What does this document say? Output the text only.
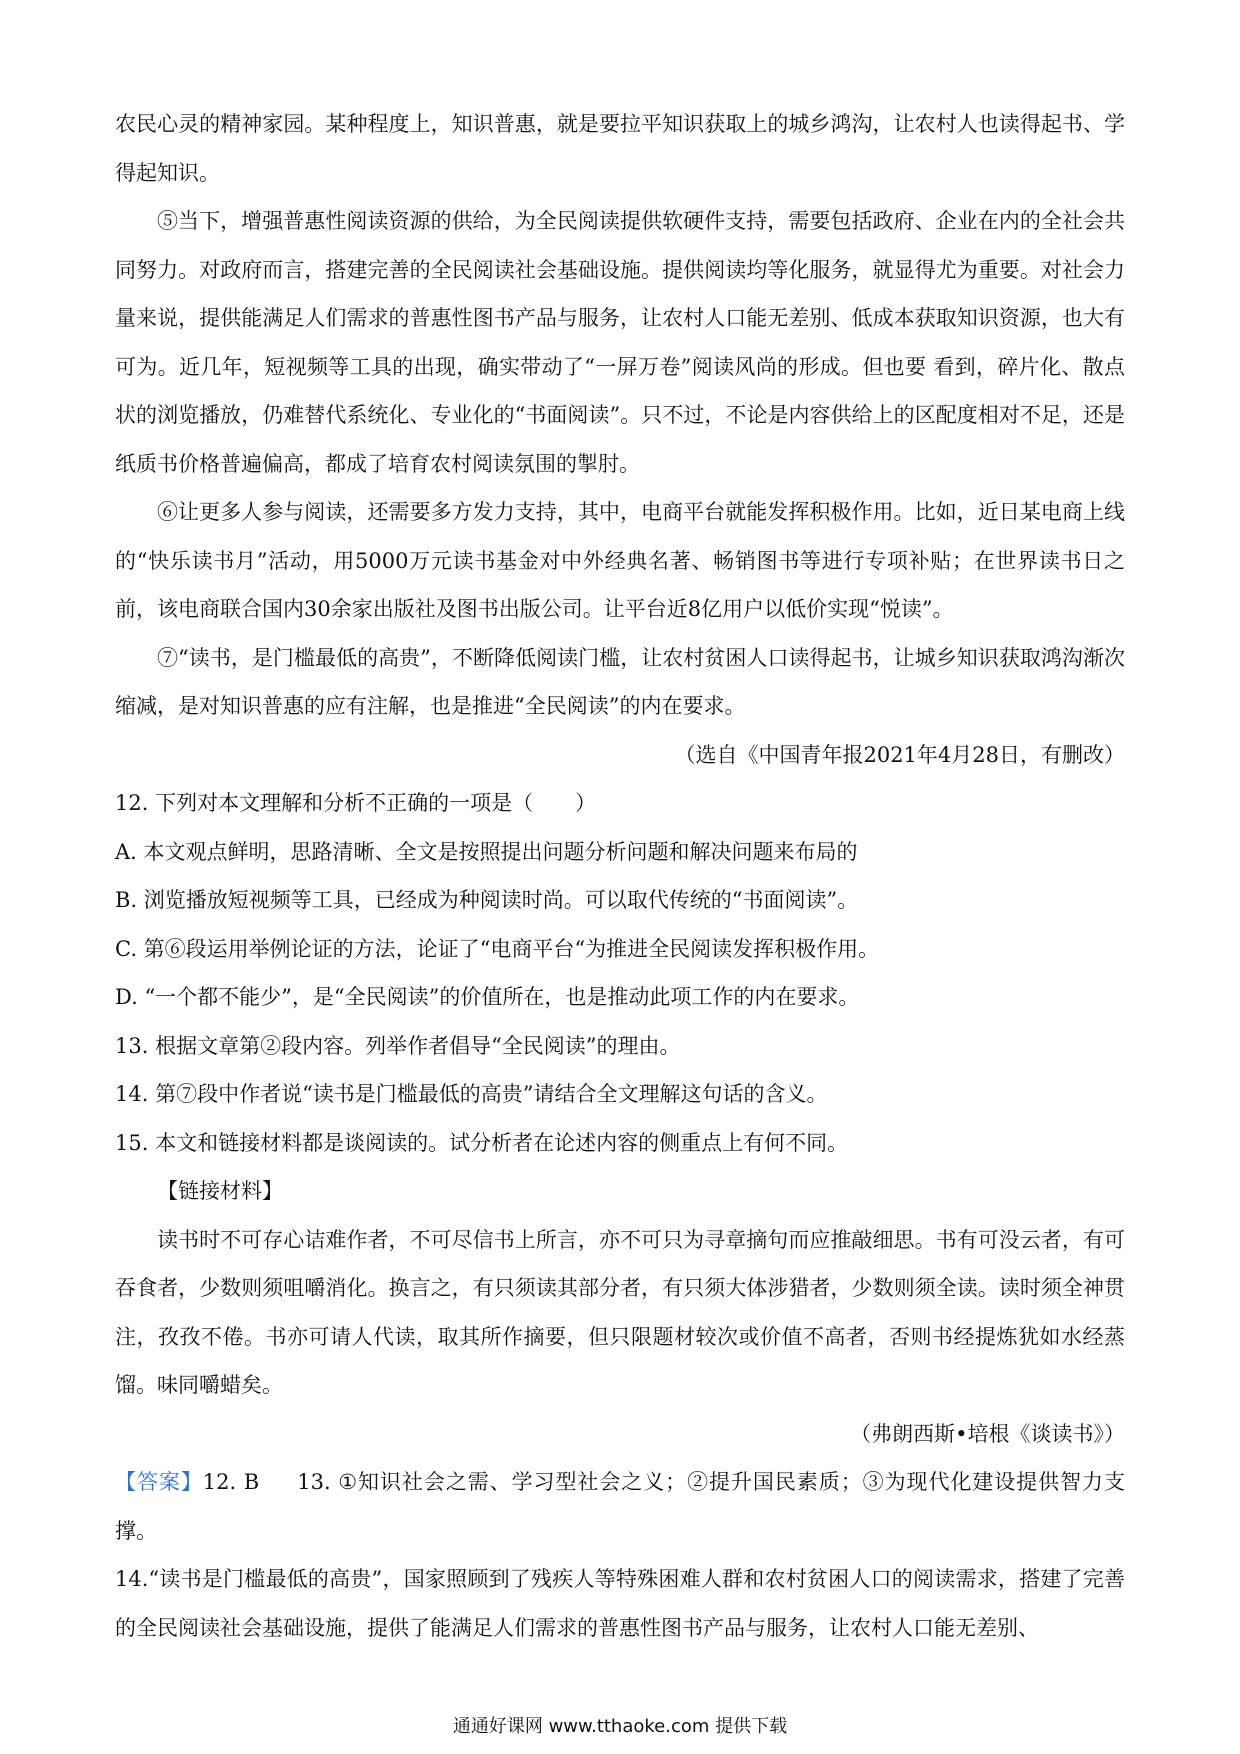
农民心灵的精神家园。某种程度上，知识普惠，就是要拉平知识获取上的城乡鸿沟，让农村人也读得起书、学得起知识。

⑤当下，增强普惠性阅读资源的供给，为全民阅读提供软硬件支持，需要包括政府、企业在内的全社会共同努力。对政府而言，搭建完善的全民阅读社会基础设施。提供阅读均等化服务，就显得尤为重要。对社会力量来说，提供能满足人们需求的普惠性图书产品与服务，让农村人口能无差别、低成本获取知识资源，也大有可为。近几年，短视频等工具的出现，确实带动了“一屏万卷”阅读风尚的形成。但也要 看到，碎片化、散点状的浏览播放，仍难替代系统化、专业化的“书面阅读”。只不过，不论是内容供给上的区配度相对不足，还是纸质书价格普遍偏高，都成了培育农村阅读氛围的掣肘。

⑥让更多人参与阅读，还需要多方发力支持，其中，电商平台就能发挥积极作用。比如，近日某电商上线的“快乐读书月”活动，用5000万元读书基金对中外经典名著、畅销图书等进行专项补贴；在世界读书日之前，该电商联合国内30余家出版社及图书出版公司。让平台近8亿用户以低价实现“悦读”。

⑦“读书，是门槛最低的高贵”，不断降低阅读门槛，让农村贫困人口读得起书，让城乡知识获取鸿沟渐次缩减，是对知识普惠的应有注解，也是推进“全民阅读”的内在要求。

（选自《中国青年报2021年4月28日，有删改）

12. 下列对本文理解和分析不正确的一项是（　　）

A. 本文观点鲜明，思路清晰、全文是按照提出问题分析问题和解决问题来布局的

B. 浏览播放短视频等工具，已经成为种阅读时尚。可以取代传统的“书面阅读”。

C. 第⑥段运用举例论证的方法，论证了“电商平台“为推进全民阅读发挥积极作用。

D. “一个都不能少”，是“全民阅读”的价值所在，也是推动此项工作的内在要求。

13. 根据文章第②段内容。列举作者倡导“全民阅读”的理由。

14. 第⑦段中作者说“读书是门槛最低的高贵”请结合全文理解这句话的含义。

15. 本文和链接材料都是谈阅读的。试分析者在论述内容的侧重点上有何不同。

【链接材料】

读书时不可存心诘难作者，不可尽信书上所言，亦不可只为寻章摘句而应推敲细思。书有可没云者，有可吞食者，少数则须咀嚼消化。换言之，有只须读其部分者，有只须大体涉猎者，少数则须全读。读时须全神贯注，孜孜不倦。书亦可请人代读，取其所作摘要，但只限题材较次或价值不高者，否则书经提炼犹如水经蒸馏。味同嚼蜡矣。

（弗朗西斯•培根《谈读书》）

【答案】12. B 13. ①知识社会之需、学习型社会之义；②提升国民素质；③为现代化建设提供智力支撑。

14.“读书是门槛最低的高贵”，国家照顾到了残疾人等特殊困难人群和农村贫困人口的阅读需求，搭建了完善的全民阅读社会基础设施，提供了能满足人们需求的普惠性图书产品与服务，让农村人口能无差别、

通通好课网 www.tthaoke.com 提供下载
